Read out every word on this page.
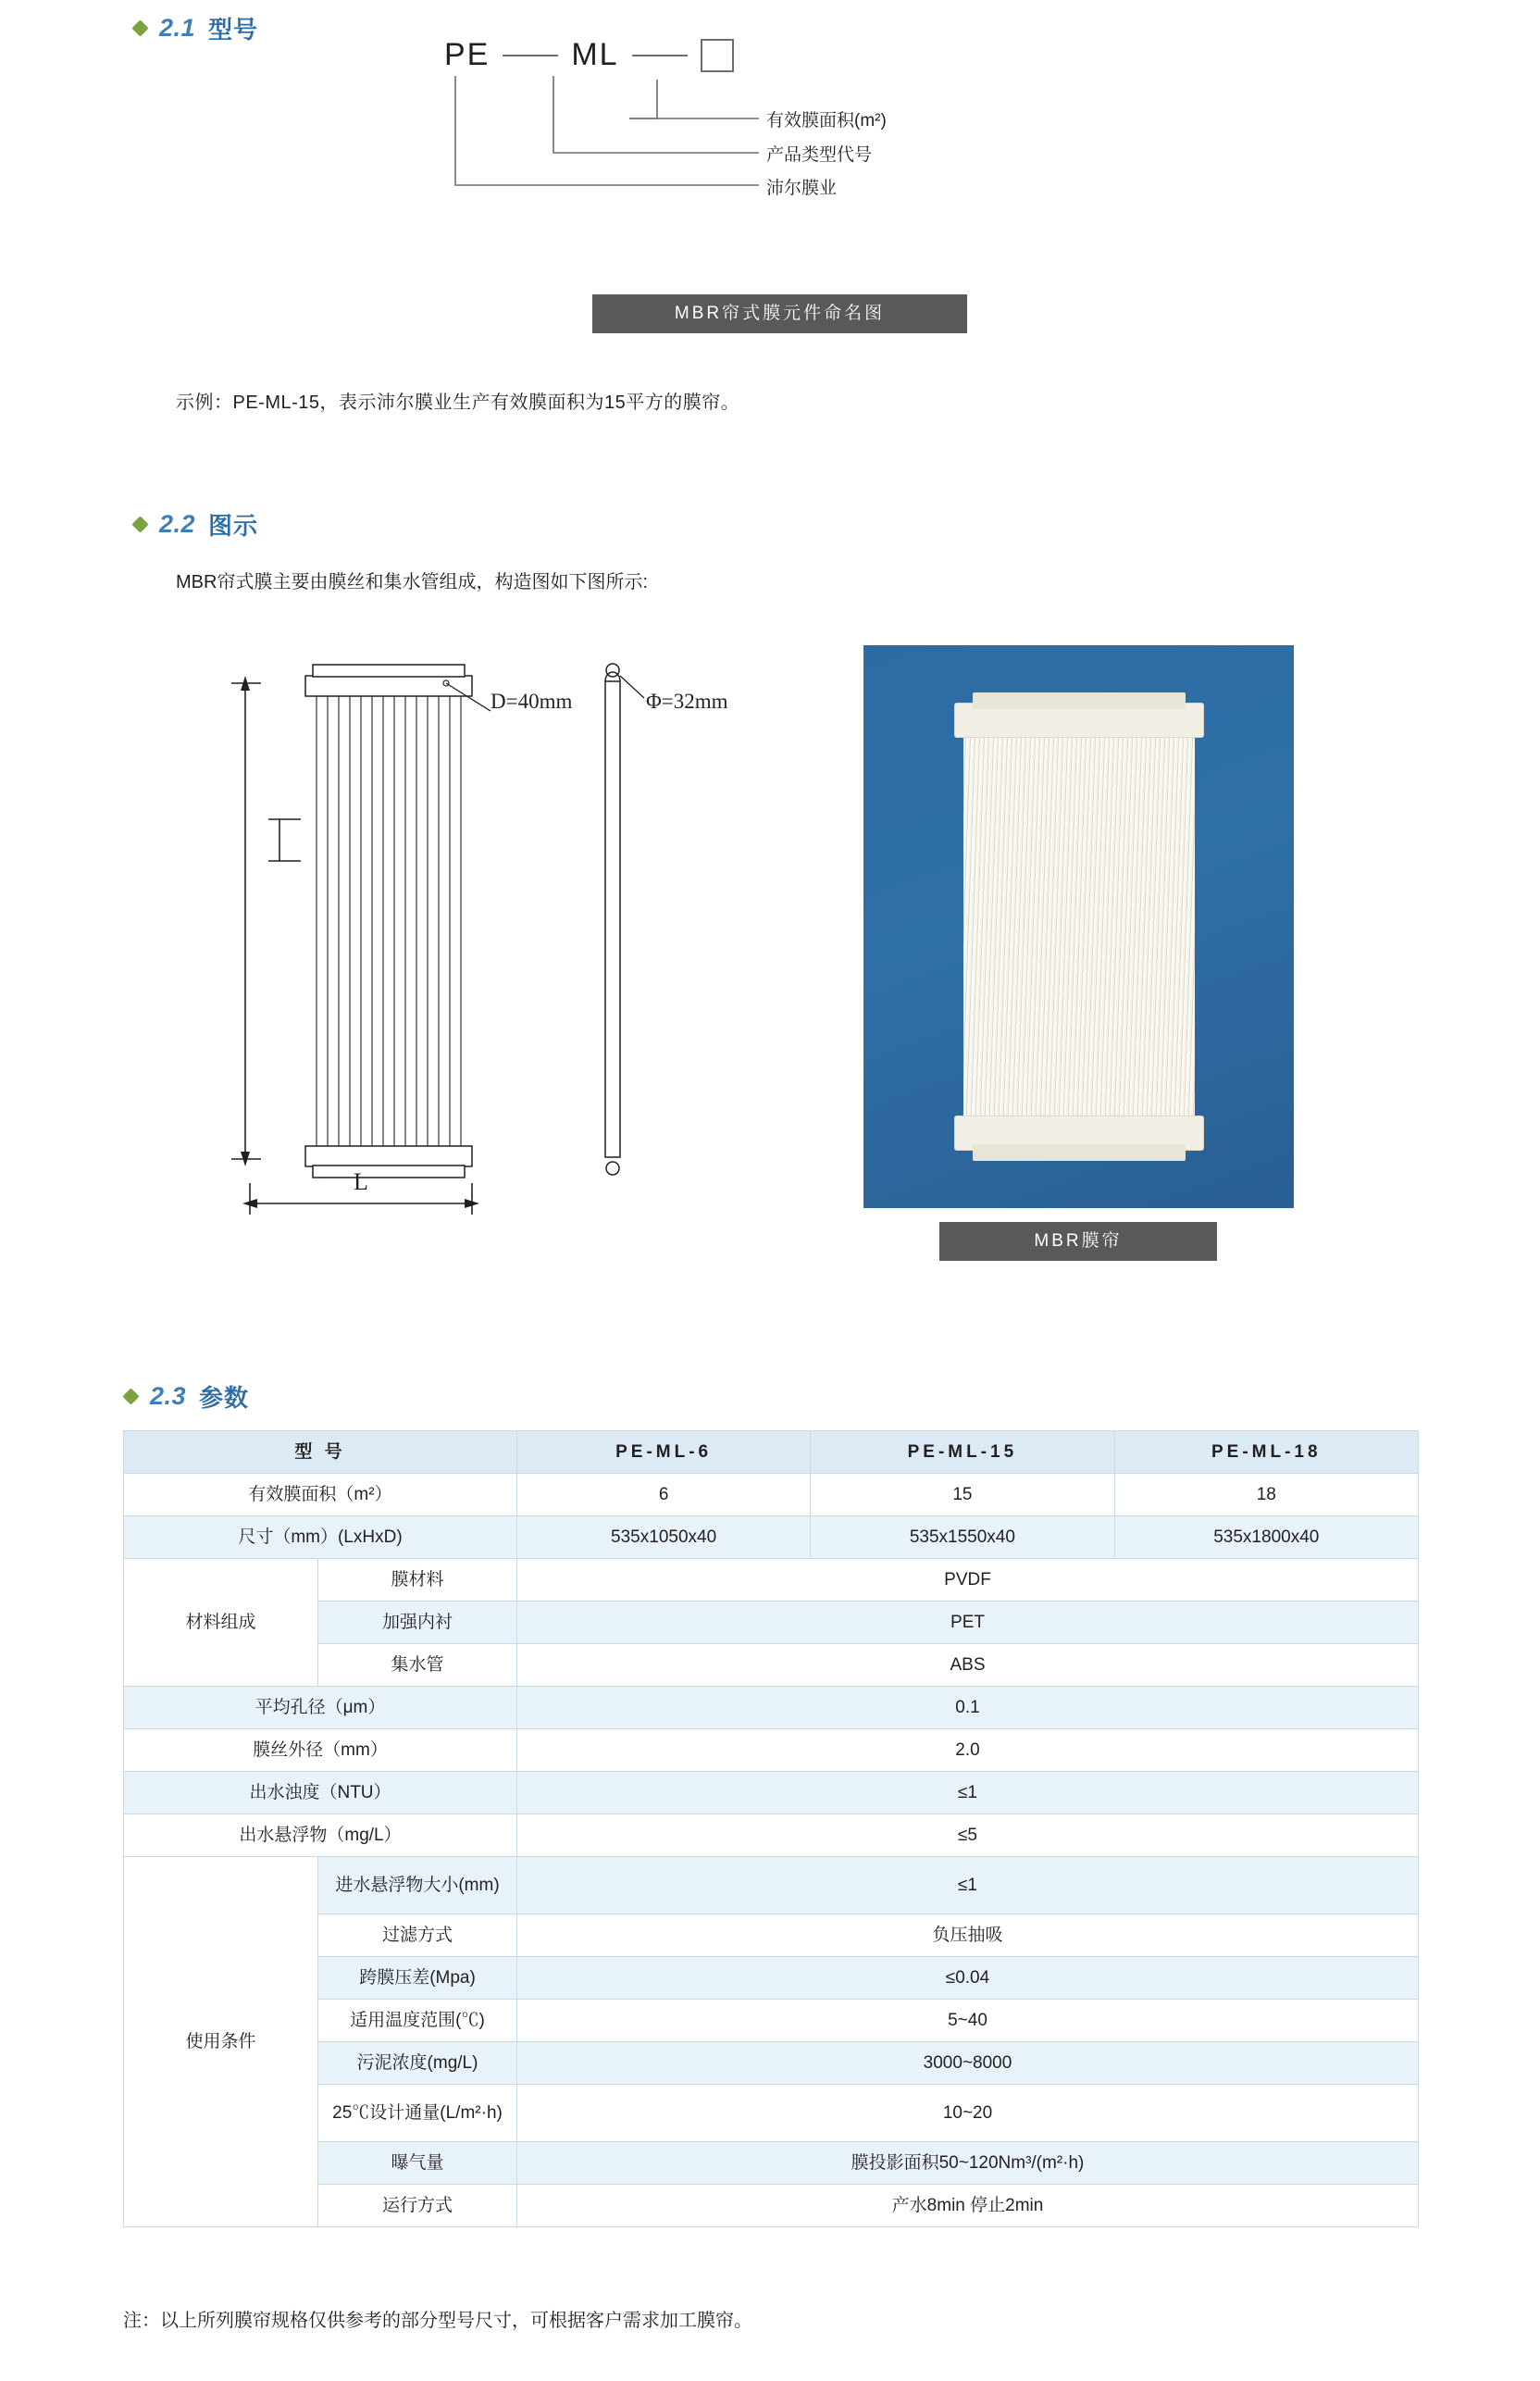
2.1 型号
PE	ML
有效膜面积(m²)
产品类型代号
沛尔膜业
MBR帘式膜元件命名图
示例：PE-ML-15，表示沛尔膜业生产有效膜面积为15平方的膜帘。
2.2 图示
MBR帘式膜主要由膜丝和集水管组成，构造图如下图所示:
D=40mm	Φ=32mm
L
MBR膜帘
2.3 参数
型 号		PE-ML-6	PE-ML-15	PE-ML-18
有效膜面积（m²）		6	15	18
尺寸（mm）(LxHxD)		535x1050x40	535x1550x40	535x1800x40
材料组成	膜材料	PVDF		
	加强内衬	PET		
	集水管	ABS		
平均孔径（μm）		0.1		
膜丝外径（mm）		2.0		
出水浊度（NTU）		≤1		
出水悬浮物（mg/L）		≤5		
使用条件	进水悬浮物大小(mm)	≤1		
	过滤方式	负压抽吸		
	跨膜压差(Mpa)	≤0.04		
	适用温度范围(℃)	5~40		
	污泥浓度(mg/L)	3000~8000		
	25℃设计通量(L/m²·h)	10~20		
	曝气量	膜投影面积50~120Nm³/(m²·h)		
	运行方式	产水8min 停止2min		
注：以上所列膜帘规格仅供参考的部分型号尺寸，可根据客户需求加工膜帘。
